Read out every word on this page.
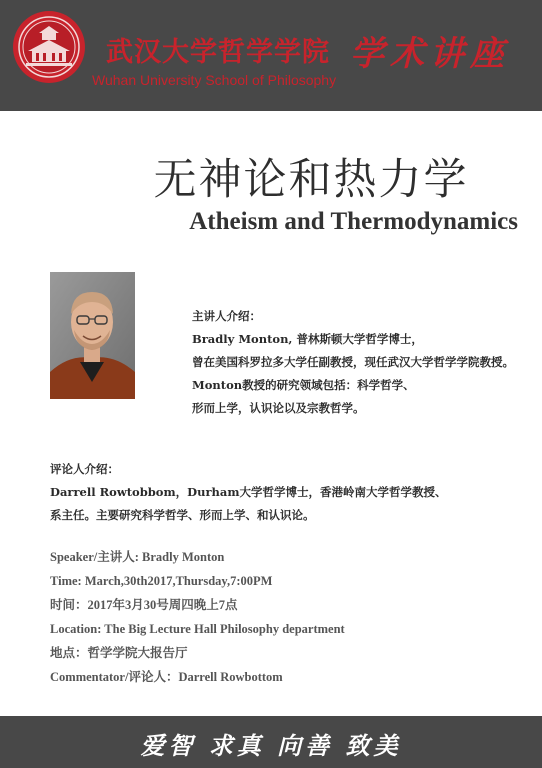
武汉大学哲学学院
Wuhan University School of Philosophy
学术讲座
无神论和热力学
Atheism and Thermodynamics
主讲人介绍：
Bradly Monton, 普林斯顿大学哲学博士，
曾在美国科罗拉多大学任副教授，现任武汉大学哲学学院教授。
Monton教授的研究领域包括：科学哲学、
形而上学，认识论以及宗教哲学。
评论人介绍：
Darrell Rowtobbom，Durham大学哲学博士，香港岭南大学哲学教授、
系主任。主要研究科学哲学、形而上学、和认识论。
Speaker/主讲人: Bradly Monton
Time: March,30th2017,Thursday,7:00PM
时间：2017年3月30号周四晚上7点
Location: The Big Lecture Hall Philosophy department
地点：哲学学院大报告厅
Commentator/评论人：Darrell Rowbottom
爱智 求真 向善 致美
